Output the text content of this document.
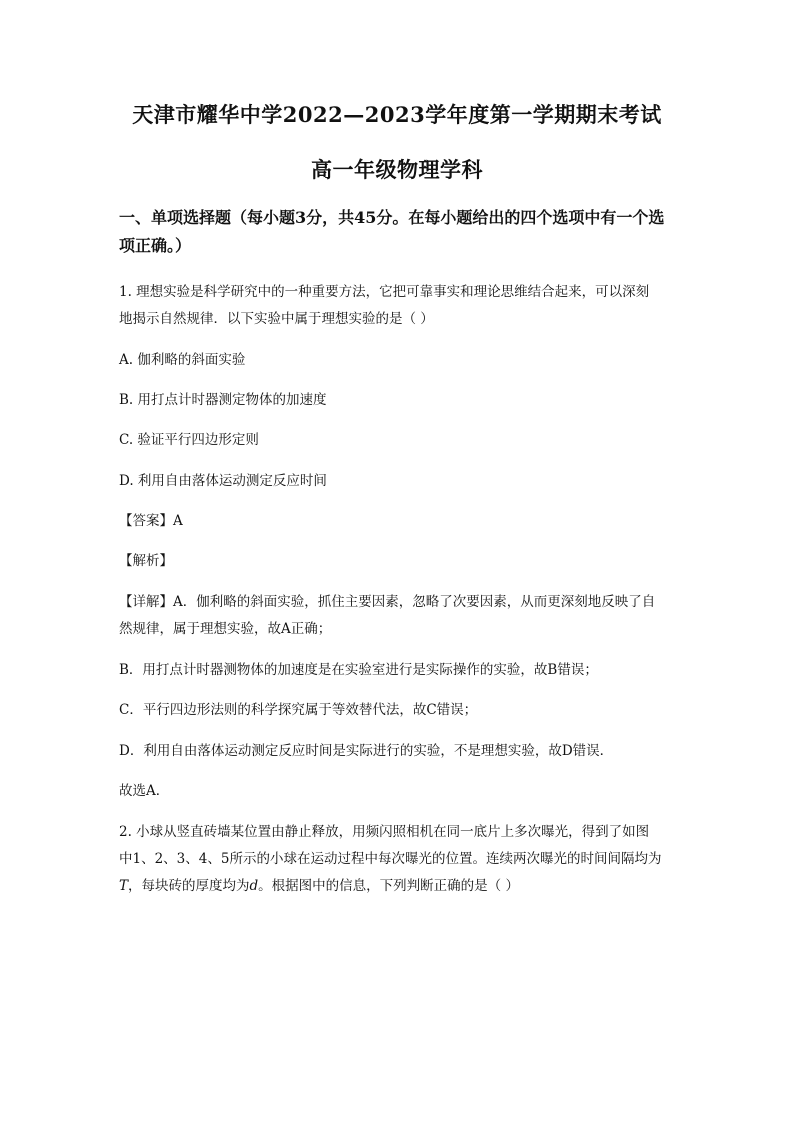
天津市耀华中学2022—2023学年度第一学期期末考试
高一年级物理学科
一、单项选择题（每小题3分，共45分。在每小题给出的四个选项中有一个选
项正确。）
1. 理想实验是科学研究中的一种重要方法，它把可靠事实和理论思维结合起来，可以深刻
地揭示自然规律．以下实验中属于理想实验的是（ ）
A. 伽利略的斜面实验
B. 用打点计时器测定物体的加速度
C. 验证平行四边形定则
D. 利用自由落体运动测定反应时间
【答案】A
【解析】
【详解】A．伽利略的斜面实验，抓住主要因素，忽略了次要因素，从而更深刻地反映了自
然规律，属于理想实验，故A正确；
B．用打点计时器测物体的加速度是在实验室进行是实际操作的实验，故B错误；
C．平行四边形法则的科学探究属于等效替代法，故C错误；
D．利用自由落体运动测定反应时间是实际进行的实验，不是理想实验，故D错误．
故选A．
2. 小球从竖直砖墙某位置由静止释放，用频闪照相机在同一底片上多次曝光，得到了如图
中1、2、3、4、5所示的小球在运动过程中每次曝光的位置。连续两次曝光的时间间隔均为
T，每块砖的厚度均为d。根据图中的信息，下列判断正确的是（ ）
